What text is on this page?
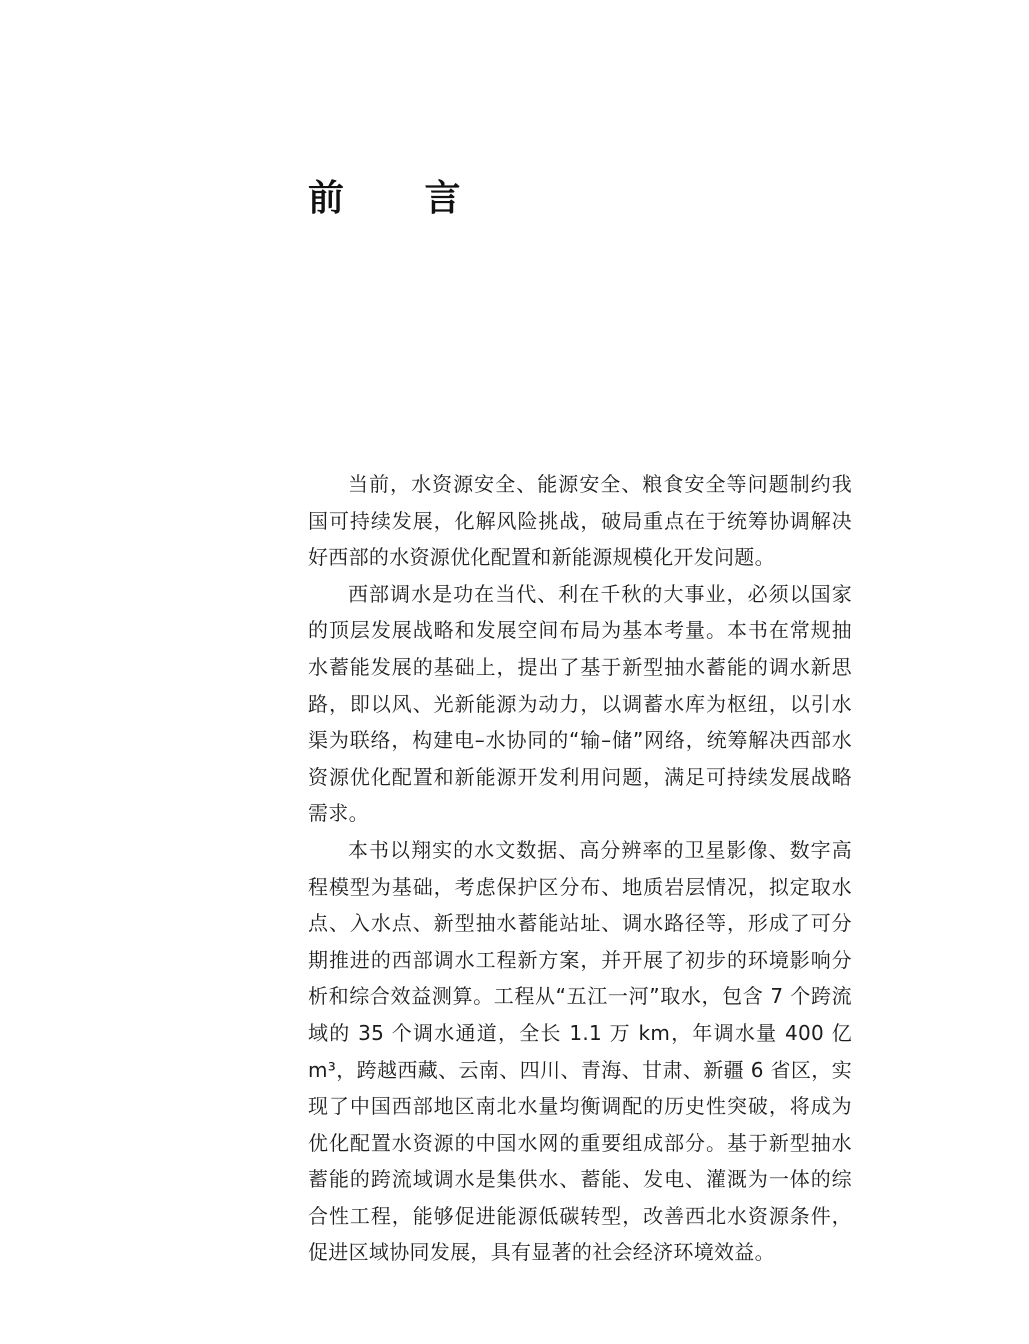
前 言

当前，水资源安全、能源安全、粮食安全等问题制约我国可持续发展，化解风险挑战，破局重点在于统筹协调解决好西部的水资源优化配置和新能源规模化开发问题。

西部调水是功在当代、利在千秋的大事业，必须以国家的顶层发展战略和发展空间布局为基本考量。本书在常规抽水蓄能发展的基础上，提出了基于新型抽水蓄能的调水新思路，即以风、光新能源为动力，以调蓄水库为枢纽，以引水渠为联络，构建电–水协同的“输–储”网络，统筹解决西部水资源优化配置和新能源开发利用问题，满足可持续发展战略需求。

本书以翔实的水文数据、高分辨率的卫星影像、数字高程模型为基础，考虑保护区分布、地质岩层情况，拟定取水点、入水点、新型抽水蓄能站址、调水路径等，形成了可分期推进的西部调水工程新方案，并开展了初步的环境影响分析和综合效益测算。工程从“五江一河”取水，包含 7 个跨流域的 35 个调水通道，全长 1.1 万 km，年调水量 400 亿 m³，跨越西藏、云南、四川、青海、甘肃、新疆 6 省区，实现了中国西部地区南北水量均衡调配的历史性突破，将成为优化配置水资源的中国水网的重要组成部分。基于新型抽水蓄能的跨流域调水是集供水、蓄能、发电、灌溉为一体的综合性工程，能够促进能源低碳转型，改善西北水资源条件，促进区域协同发展，具有显著的社会经济环境效益。
